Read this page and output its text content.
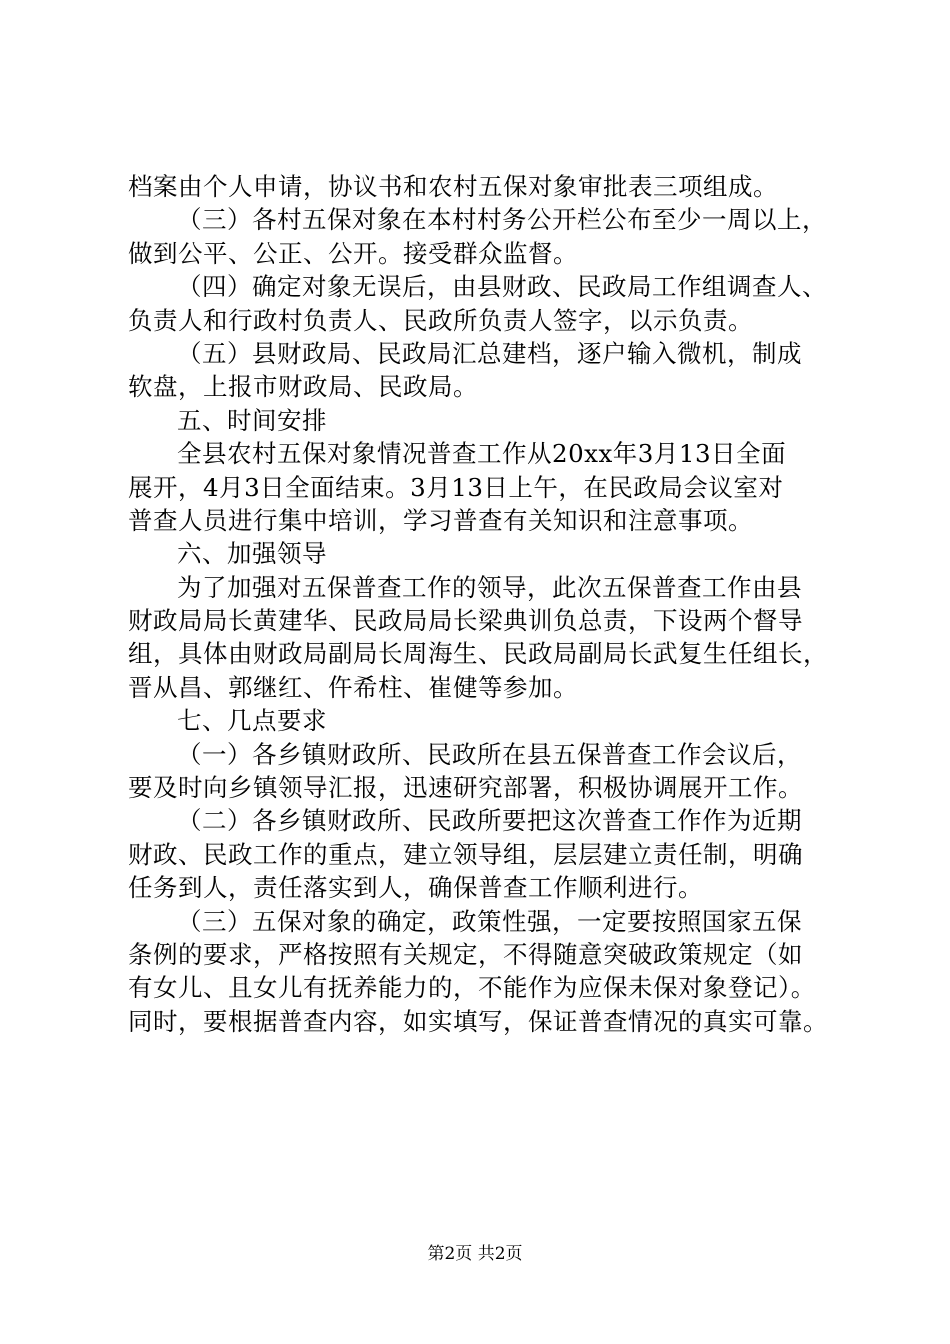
档案由个人申请，协议书和农村五保对象审批表三项组成。
（三）各村五保对象在本村村务公开栏公布至少一周以上，
做到公平、公正、公开。接受群众监督。
（四）确定对象无误后，由县财政、民政局工作组调查人、
负责人和行政村负责人、民政所负责人签字，以示负责。
（五）县财政局、民政局汇总建档，逐户输入微机，制成
软盘，上报市财政局、民政局。
五、时间安排
全县农村五保对象情况普查工作从20xx年3月13日全面
展开，4月3日全面结束。3月13日上午，在民政局会议室对
普查人员进行集中培训，学习普查有关知识和注意事项。
六、加强领导
为了加强对五保普查工作的领导，此次五保普查工作由县
财政局局长黄建华、民政局局长梁典训负总责，下设两个督导
组，具体由财政局副局长周海生、民政局副局长武复生任组长，
晋从昌、郭继红、仵希柱、崔健等参加。
七、几点要求
（一）各乡镇财政所、民政所在县五保普查工作会议后，
要及时向乡镇领导汇报，迅速研究部署，积极协调展开工作。
（二）各乡镇财政所、民政所要把这次普查工作作为近期
财政、民政工作的重点，建立领导组，层层建立责任制，明确
任务到人，责任落实到人，确保普查工作顺利进行。
（三）五保对象的确定，政策性强，一定要按照国家五保
条例的要求，严格按照有关规定，不得随意突破政策规定（如
有女儿、且女儿有抚养能力的，不能作为应保未保对象登记）。
同时，要根据普查内容，如实填写，保证普查情况的真实可靠。
第2页 共2页
